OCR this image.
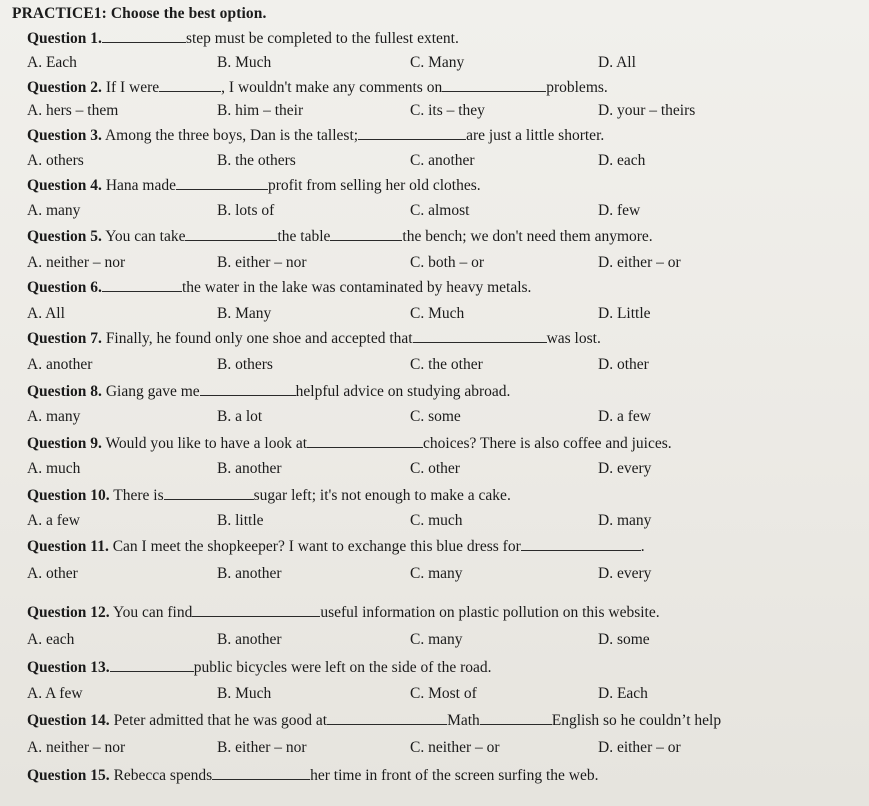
PRACTICE1: Choose the best option.
Question 1.	step must be completed to the fullest extent.
A. Each	B. Much	C. Many	D. All
Question 2. If I were	, I wouldn't make any comments on	problems.
A. hers – them	B. him – their	C. its – they	D. your – theirs
Question 3. Among the three boys, Dan is the tallest;	are just a little shorter.
A. others	B. the others	C. another	D. each
Question 4. Hana made	profit from selling her old clothes.
A. many	B. lots of	C. almost	D. few
Question 5. You can take	the table	the bench; we don't need them anymore.
A. neither – nor	B. either – nor	C. both – or	D. either – or
Question 6.	the water in the lake was contaminated by heavy metals.
A. All	B. Many	C. Much	D. Little
Question 7. Finally, he found only one shoe and accepted that	was lost.
A. another	B. others	C. the other	D. other
Question 8. Giang gave me	helpful advice on studying abroad.
A. many	B. a lot	C. some	D. a few
Question 9. Would you like to have a look at	choices? There is also coffee and juices.
A. much	B. another	C. other	D. every
Question 10. There is	sugar left; it's not enough to make a cake.
A. a few	B. little	C. much	D. many
Question 11. Can I meet the shopkeeper? I want to exchange this blue dress for	.
A. other	B. another	C. many	D. every
Question 12. You can find	useful information on plastic pollution on this website.
A. each	B. another	C. many	D. some
Question 13.	public bicycles were left on the side of the road.
A. A few	B. Much	C. Most of	D. Each
Question 14. Peter admitted that he was good at	Math	English so he couldn’t help
A. neither – nor	B. either – nor	C. neither – or	D. either – or
Question 15. Rebecca spends	her time in front of the screen surfing the web.
